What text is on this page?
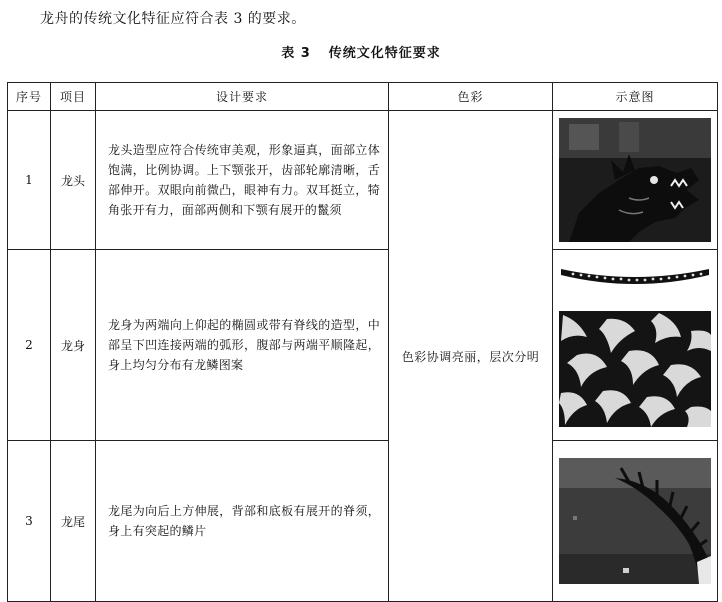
龙舟的传统文化特征应符合表 3 的要求。
表 3 传统文化特征要求
序号	项目	设计要求	色彩	示意图
1	龙头	龙头造型应符合传统审美观，形象逼真，面部立体饱满，比例协调。上下颚张开，齿部轮廓清晰，舌部伸开。双眼向前微凸，眼神有力。双耳挺立，犄角张开有力，面部两侧和下颚有展开的鬣须	色彩协调亮丽，层次分明	

2	龙身	龙身为两端向上仰起的椭圆或带有脊线的造型，中部呈下凹连接两端的弧形，腹部与两端平顺隆起，身上均匀分布有龙鳞图案	

3	龙尾	龙尾为向后上方伸展，背部和底板有展开的脊须，身上有突起的鳞片	
